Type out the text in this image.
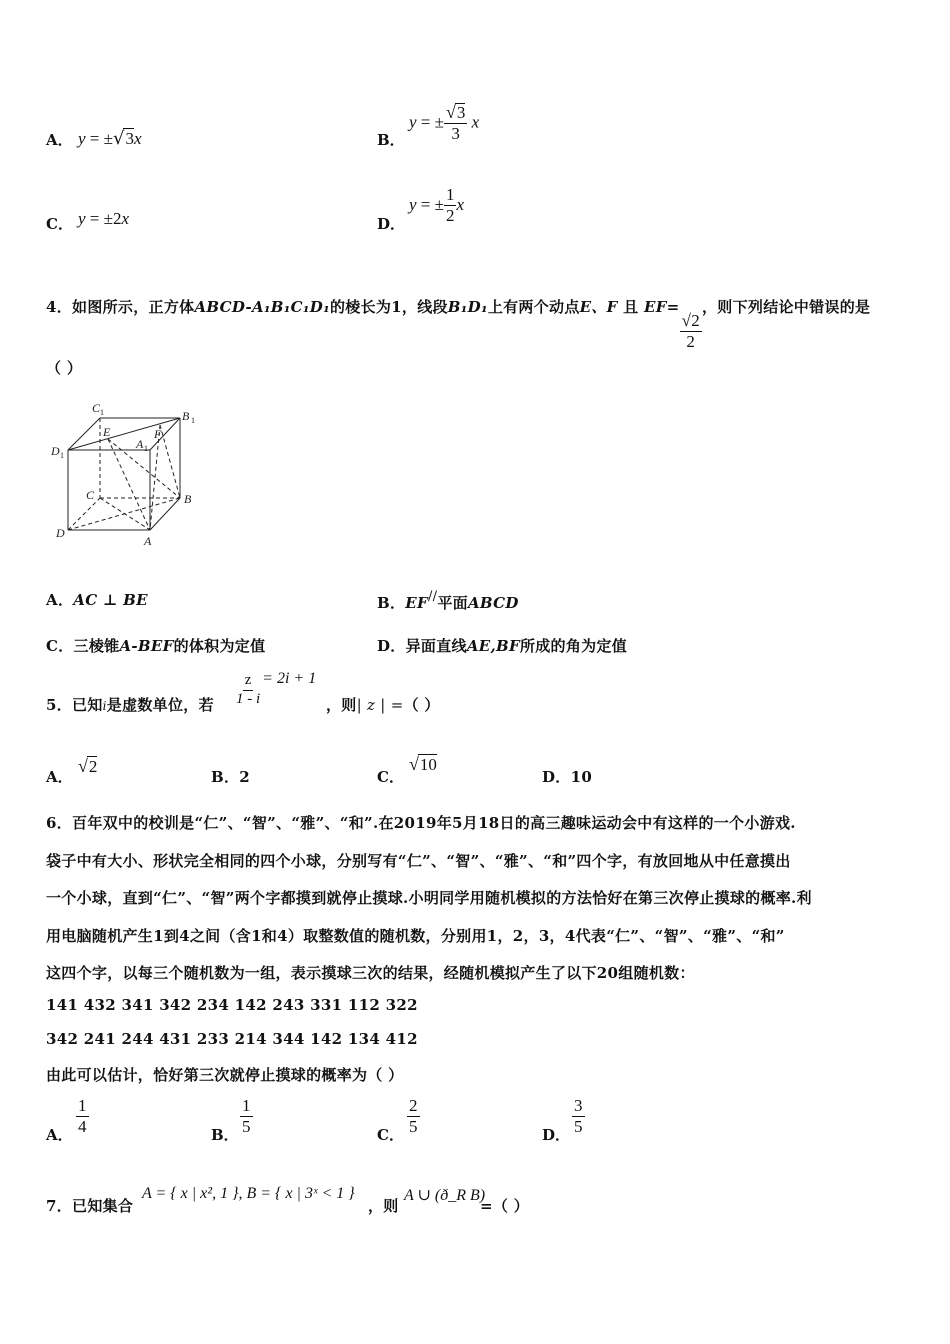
A． y = ±√3x	B．
y = ± $\frac{√3}{3}$ x
C． y = ±2x	D．
y = ± $\frac{1}{2}$ x
4．如图所示，正方体ABCD-A₁B₁C₁D₁的棱长为1，线段B₁D₁上有两个动点E、F 且 EF=
$\frac{√2}{2}$
，则下列结论中错误的是
（ ）
C 1	B 1
D 1
A 1
E	F
C	B
D
A
A．AC ⊥ BE	B．EF//平面ABCD
C．三棱锥A-BEF的体积为定值	D．异面直线AE,BF所成的角为定值
5．已知i是虚数单位，若 $\frac{z}{1 - i} = 2i + 1$
，则| z | =（ ）
A．
√2
B．2	C．
√10
D．10
6．百年双中的校训是“仁”、“智”、“雅”、“和”.在2019年5月18日的高三趣味运动会中有这样的一个小游戏.
袋子中有大小、形状完全相同的四个小球，分别写有“仁”、“智”、“雅”、“和”四个字，有放回地从中任意摸出
一个小球，直到“仁”、“智”两个字都摸到就停止摸球.小明同学用随机模拟的方法恰好在第三次停止摸球的概率.利
用电脑随机产生1到4之间（含1和4）取整数值的随机数，分别用1，2，3，4代表“仁”、“智”、“雅”、“和”
这四个字，以每三个随机数为一组，表示摸球三次的结果，经随机模拟产生了以下20组随机数：
141 432 341 342 234 142 243 331 112 322
342 241 244 431 233 214 344 142 134 412
由此可以估计，恰好第三次就停止摸球的概率为（ ）
A． $\frac{1}{4}$	B． $\frac{1}{5}$	C． $\frac{2}{5}$	D． $\frac{3}{5}$
7．已知集合
A = { x | x², 1 }, B = { x | 3ˣ < 1 }
，则
A ∪ (ð_R B)
=（ ）
